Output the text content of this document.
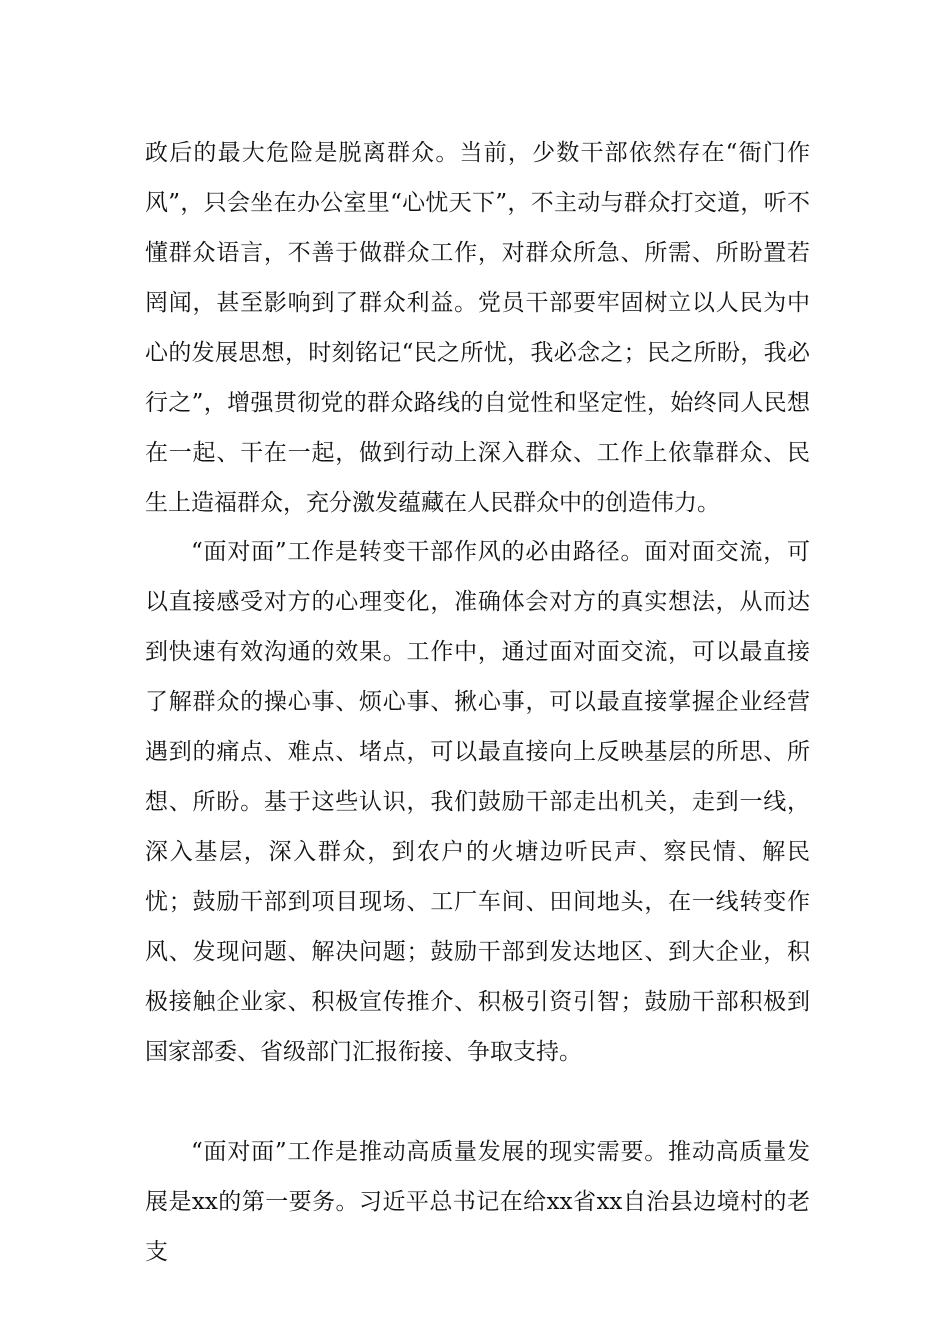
政后的最大危险是脱离群众。当前，少数干部依然存在“衙门作风”，只会坐在办公室里“心忧天下”，不主动与群众打交道，听不懂群众语言，不善于做群众工作，对群众所急、所需、所盼置若罔闻，甚至影响到了群众利益。党员干部要牢固树立以人民为中心的发展思想，时刻铭记“民之所忧，我必念之；民之所盼，我必行之”，增强贯彻党的群众路线的自觉性和坚定性，始终同人民想在一起、干在一起，做到行动上深入群众、工作上依靠群众、民生上造福群众，充分激发蕴藏在人民群众中的创造伟力。

“面对面”工作是转变干部作风的必由路径。面对面交流，可以直接感受对方的心理变化，准确体会对方的真实想法，从而达到快速有效沟通的效果。工作中，通过面对面交流，可以最直接了解群众的操心事、烦心事、揪心事，可以最直接掌握企业经营遇到的痛点、难点、堵点，可以最直接向上反映基层的所思、所想、所盼。基于这些认识，我们鼓励干部走出机关，走到一线，深入基层，深入群众，到农户的火塘边听民声、察民情、解民忧；鼓励干部到项目现场、工厂车间、田间地头，在一线转变作风、发现问题、解决问题；鼓励干部到发达地区、到大企业，积极接触企业家、积极宣传推介、积极引资引智；鼓励干部积极到国家部委、省级部门汇报衔接、争取支持。

“面对面”工作是推动高质量发展的现实需要。推动高质量发展是xx的第一要务。习近平总书记在给xx省xx自治县边境村的老支
